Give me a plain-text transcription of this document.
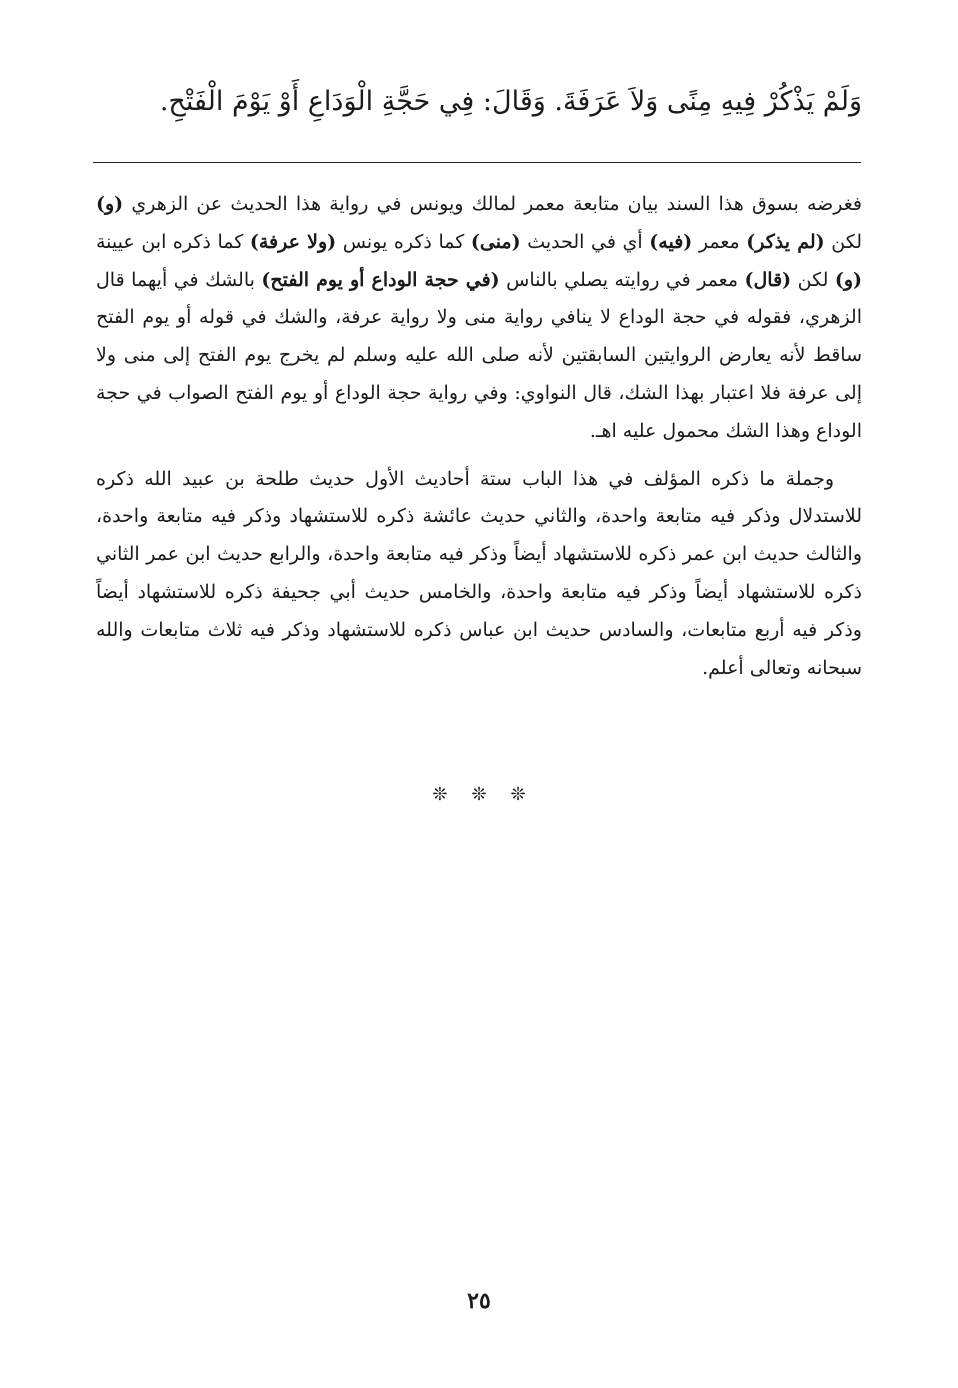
وَلَمْ يَذْكُرْ فِيهِ مِنًى وَلاَ عَرَفَةَ. وَقَالَ: فِي حَجَّةِ الْوَدَاعِ أَوْ يَوْمَ الْفَتْحِ.

فغرضه بسوق هذا السند بيان متابعة معمر لمالك ويونس في رواية هذا الحديث عن الزهري (و) لكن (لم يذكر) معمر (فيه) أي في الحديث (منى) كما ذكره يونس (ولا عرفة) كما ذكره ابن عيينة (و) لكن (قال) معمر في روايته يصلي بالناس (في حجة الوداع أو يوم الفتح) بالشك في أيهما قال الزهري، فقوله في حجة الوداع لا ينافي رواية منى ولا رواية عرفة، والشك في قوله أو يوم الفتح ساقط لأنه يعارض الروايتين السابقتين لأنه صلى الله عليه وسلم لم يخرج يوم الفتح إلى منى ولا إلى عرفة فلا اعتبار بهذا الشك، قال النواوي: وفي رواية حجة الوداع أو يوم الفتح الصواب في حجة الوداع وهذا الشك محمول عليه اهـ.

وجملة ما ذكره المؤلف في هذا الباب ستة أحاديث الأول حديث طلحة بن عبيد الله ذكره للاستدلال وذكر فيه متابعة واحدة، والثاني حديث عائشة ذكره للاستشهاد وذكر فيه متابعة واحدة، والثالث حديث ابن عمر ذكره للاستشهاد أيضاً وذكر فيه متابعة واحدة، والرابع حديث ابن عمر الثاني ذكره للاستشهاد أيضاً وذكر فيه متابعة واحدة، والخامس حديث أبي جحيفة ذكره للاستشهاد أيضاً وذكر فيه أربع متابعات، والسادس حديث ابن عباس ذكره للاستشهاد وذكر فيه ثلاث متابعات والله سبحانه وتعالى أعلم.

❊ ❊ ❊
٢٥
